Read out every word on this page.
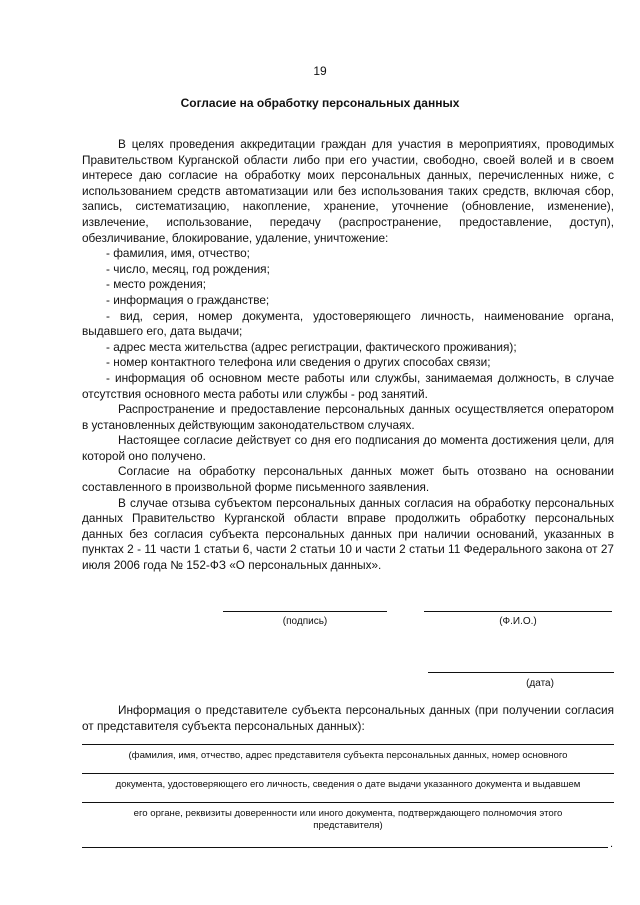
19
Согласие на обработку персональных данных

В целях проведения аккредитации граждан для участия в мероприятиях, проводимых Правительством Курганской области либо при его участии, свободно, своей волей и в своем интересе даю согласие на обработку моих персональных данных, перечисленных ниже, с использованием средств автоматизации или без использования таких средств, включая сбор, запись, систематизацию, накопление, хранение, уточнение (обновление, изменение), извлечение, использование, передачу (распространение, предоставление, доступ), обезличивание, блокирование, удаление, уничтожение:

- фамилия, имя, отчество;
- число, месяц, год рождения;
- место рождения;
- информация о гражданстве;
- вид, серия, номер документа, удостоверяющего личность, наименование органа, выдавшего его, дата выдачи;
- адрес места жительства (адрес регистрации, фактического проживания);
- номер контактного телефона или сведения о других способах связи;
- информация об основном месте работы или службы, занимаемая должность, в случае отсутствия основного места работы или службы - род занятий.

Распространение и предоставление персональных данных осуществляется оператором в установленных действующим законодательством случаях.

Настоящее согласие действует со дня его подписания до момента достижения цели, для которой оно получено.

Согласие на обработку персональных данных может быть отозвано на основании составленного в произвольной форме письменного заявления.

В случае отзыва субъектом персональных данных согласия на обработку персональных данных Правительство Курганской области вправе продолжить обработку персональных данных без согласия субъекта персональных данных при наличии оснований, указанных в пунктах 2 - 11 части 1 статьи 6, части 2 статьи 10 и части 2 статьи 11 Федерального закона от 27 июля 2006 года № 152-ФЗ «О персональных данных».

(подпись)	(Ф.И.О.)
(дата)

Информация о представителе субъекта персональных данных (при получении согласия от представителя субъекта персональных данных):

(фамилия, имя, отчество, адрес представителя субъекта персональных данных, номер основного
документа, удостоверяющего его личность, сведения о дате выдачи указанного документа и выдавшем
его органе, реквизиты доверенности или иного документа, подтверждающего полномочия этого представителя)
.
